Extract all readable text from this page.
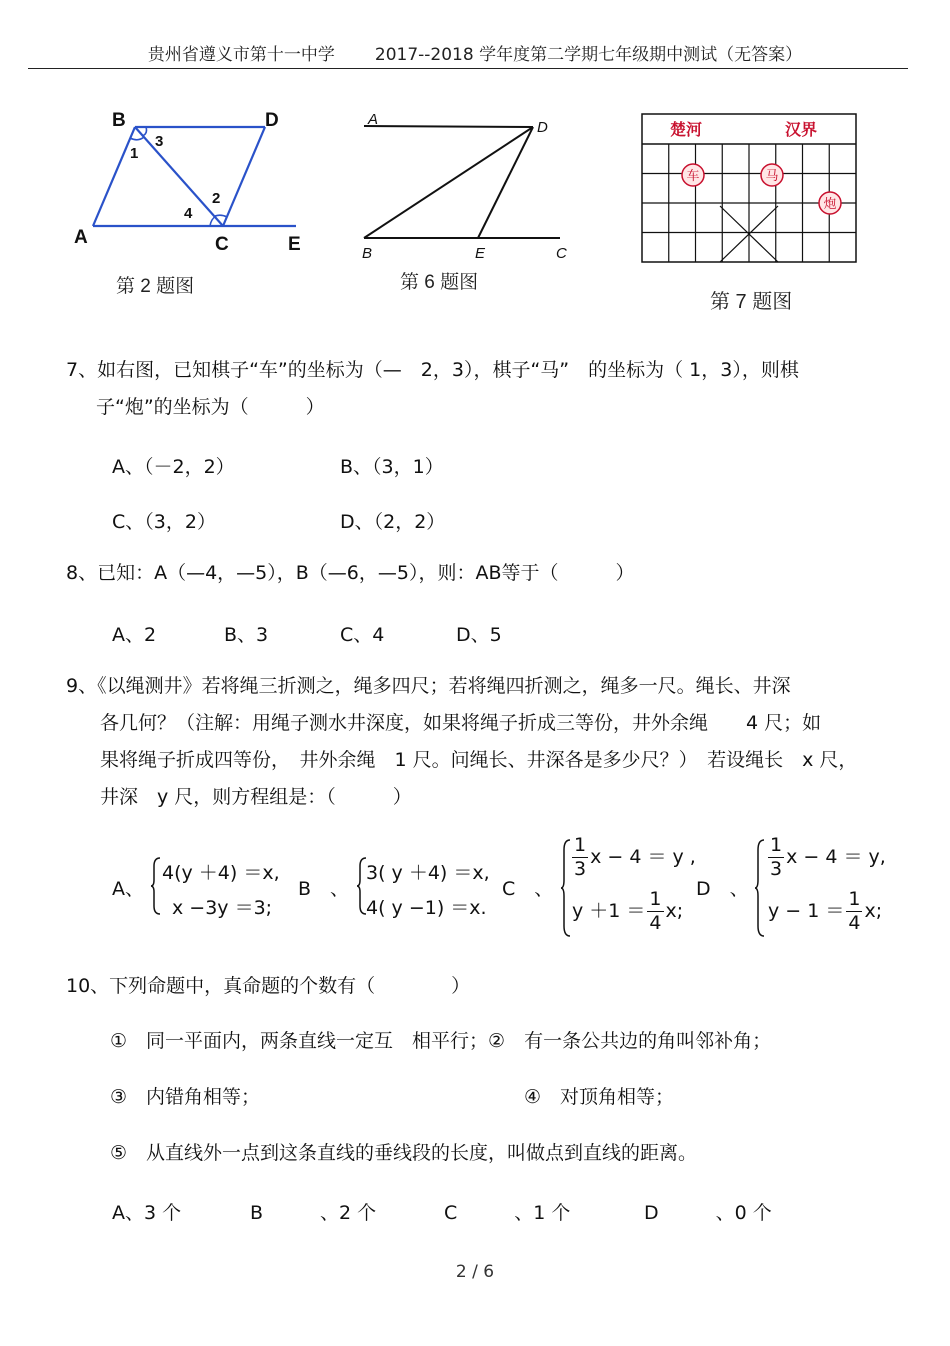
贵州省遵义市第十一中学 2017--2018 学年度第二学期七年级期中测试（无答案）
B	D
A	C	E
1
3
2
4
第 2 题图
A	D
B	E	C
第 6 题图
楚河	汉界
车	马
炮
第 7 题图
7、如右图，已知棋子“车”的坐标为（—　2，3），棋子“马”　的坐标为（ 1，3），则棋
子“炮”的坐标为（　　　）
A、（－2，2）	B、（3，1）
C、（3，2）	D、（2，2）
8、已知：A（—4，—5），B（—6，—5），则：AB等于（　　　）
A、2	B、3	C、4	D、5
9、《以绳测井》若将绳三折测之，绳多四尺；若将绳四折测之，绳多一尺。绳长、井深
各几何？（注解：用绳子测水井深度，如果将绳子折成三等份，井外余绳　　4 尺；如
果将绳子折成四等份，　井外余绳　1 尺。问绳长、井深各是多少尺？）　若设绳长　x 尺，
井深　y 尺，则方程组是：（　　　）
A、
4(y ＋4) ＝x,
x −3y ＝3;
B　、
3( y ＋4) ＝x,
4( y −1) ＝x.
C　、
$\frac{1}{3}$ x − 4 ＝ y ,
$y +1 = \frac{1}{4} x$;
D　、
$\frac{1}{3}$ x − 4 ＝ y,
$y - 1 = \frac{1}{4} x$;
10、下列命题中，真命题的个数有（　　　　）
①　同一平面内，两条直线一定互　相平行；②　有一条公共边的角叫邻补角；
③　内错角相等；	④　对顶角相等；
⑤　从直线外一点到这条直线的垂线段的长度，叫做点到直线的距离。
A、3 个	B　　　、2 个	C　　　、1 个	D　　　、0 个
2 / 6
